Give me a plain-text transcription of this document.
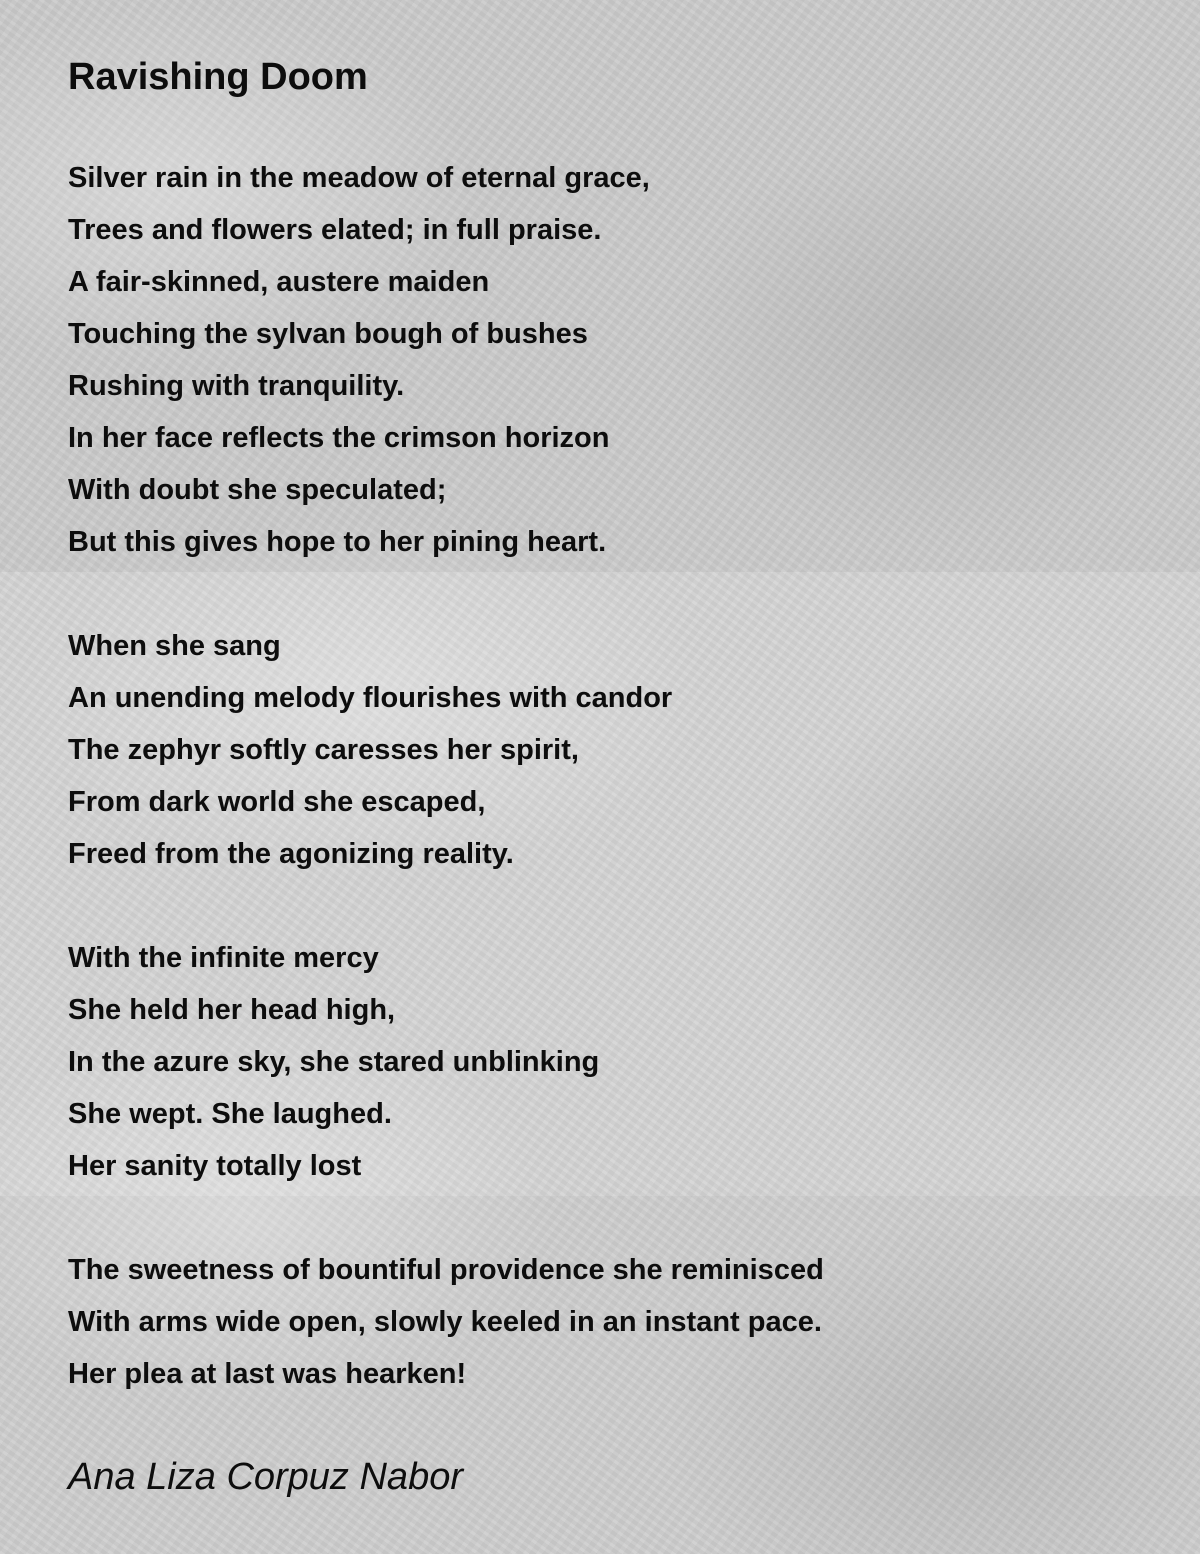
Ravishing Doom
Silver rain in the meadow of eternal grace,
Trees and flowers elated; in full praise.
A fair-skinned, austere maiden
Touching the sylvan bough of bushes
Rushing with tranquility.
In her face reflects the crimson horizon
With doubt she speculated;
But this gives hope to her pining heart.
When she sang
An unending melody flourishes with candor
The zephyr softly caresses her spirit,
From dark world she escaped,
Freed from the agonizing reality.
With the infinite mercy
She held her head high,
In the azure sky, she stared unblinking
She wept. She laughed.
Her sanity totally lost
The sweetness of bountiful providence she reminisced
With arms wide open, slowly keeled in an instant pace.
Her plea at last was hearken!
Ana Liza Corpuz Nabor
